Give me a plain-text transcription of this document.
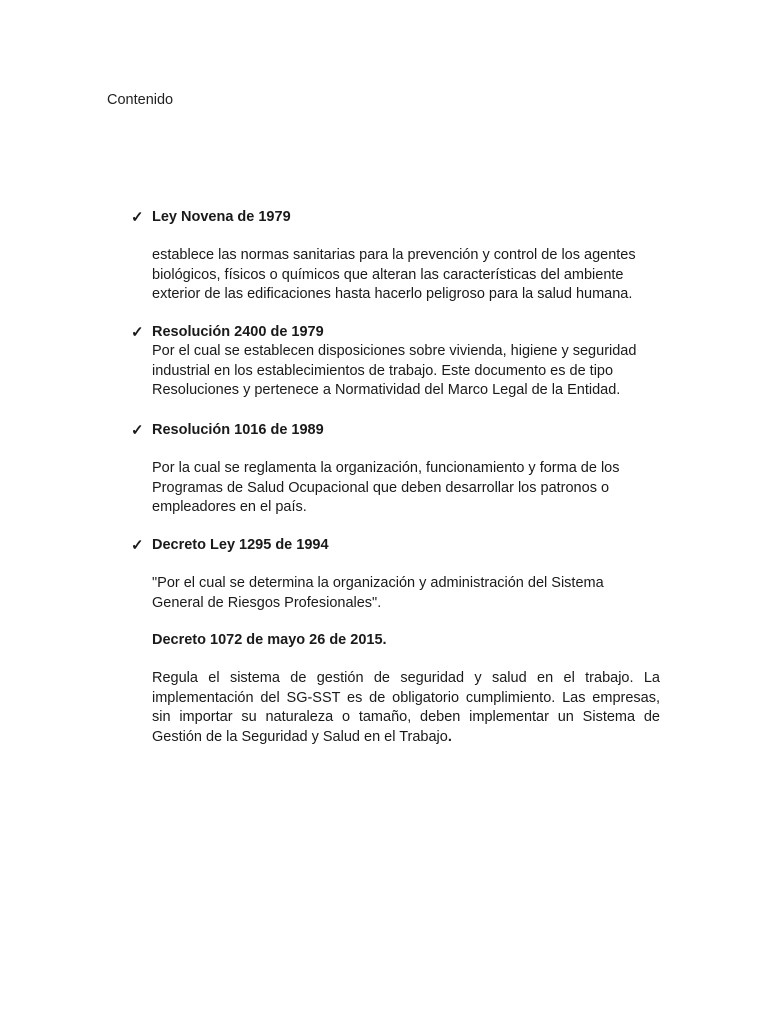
Contenido
✓ Ley Novena de 1979
establece las normas sanitarias para la prevención y control de los agentes biológicos, físicos o químicos que alteran las características del ambiente exterior de las edificaciones hasta hacerlo peligroso para la salud humana.
✓ Resolución 2400 de 1979
Por el cual se establecen disposiciones sobre vivienda, higiene y seguridad industrial en los establecimientos de trabajo. Este documento es de tipo Resoluciones y pertenece a Normatividad del Marco Legal de la Entidad.
✓ Resolución 1016 de 1989
Por la cual se reglamenta la organización, funcionamiento y forma de los Programas de Salud Ocupacional que deben desarrollar los patronos o empleadores en el país.
✓ Decreto Ley 1295 de 1994
"Por el cual se determina la organización y administración del Sistema General de Riesgos Profesionales".
Decreto 1072 de mayo 26 de 2015.
Regula el sistema de gestión de seguridad y salud en el trabajo. La implementación del SG-SST es de obligatorio cumplimiento. Las empresas, sin importar su naturaleza o tamaño, deben implementar un Sistema de Gestión de la Seguridad y Salud en el Trabajo.
